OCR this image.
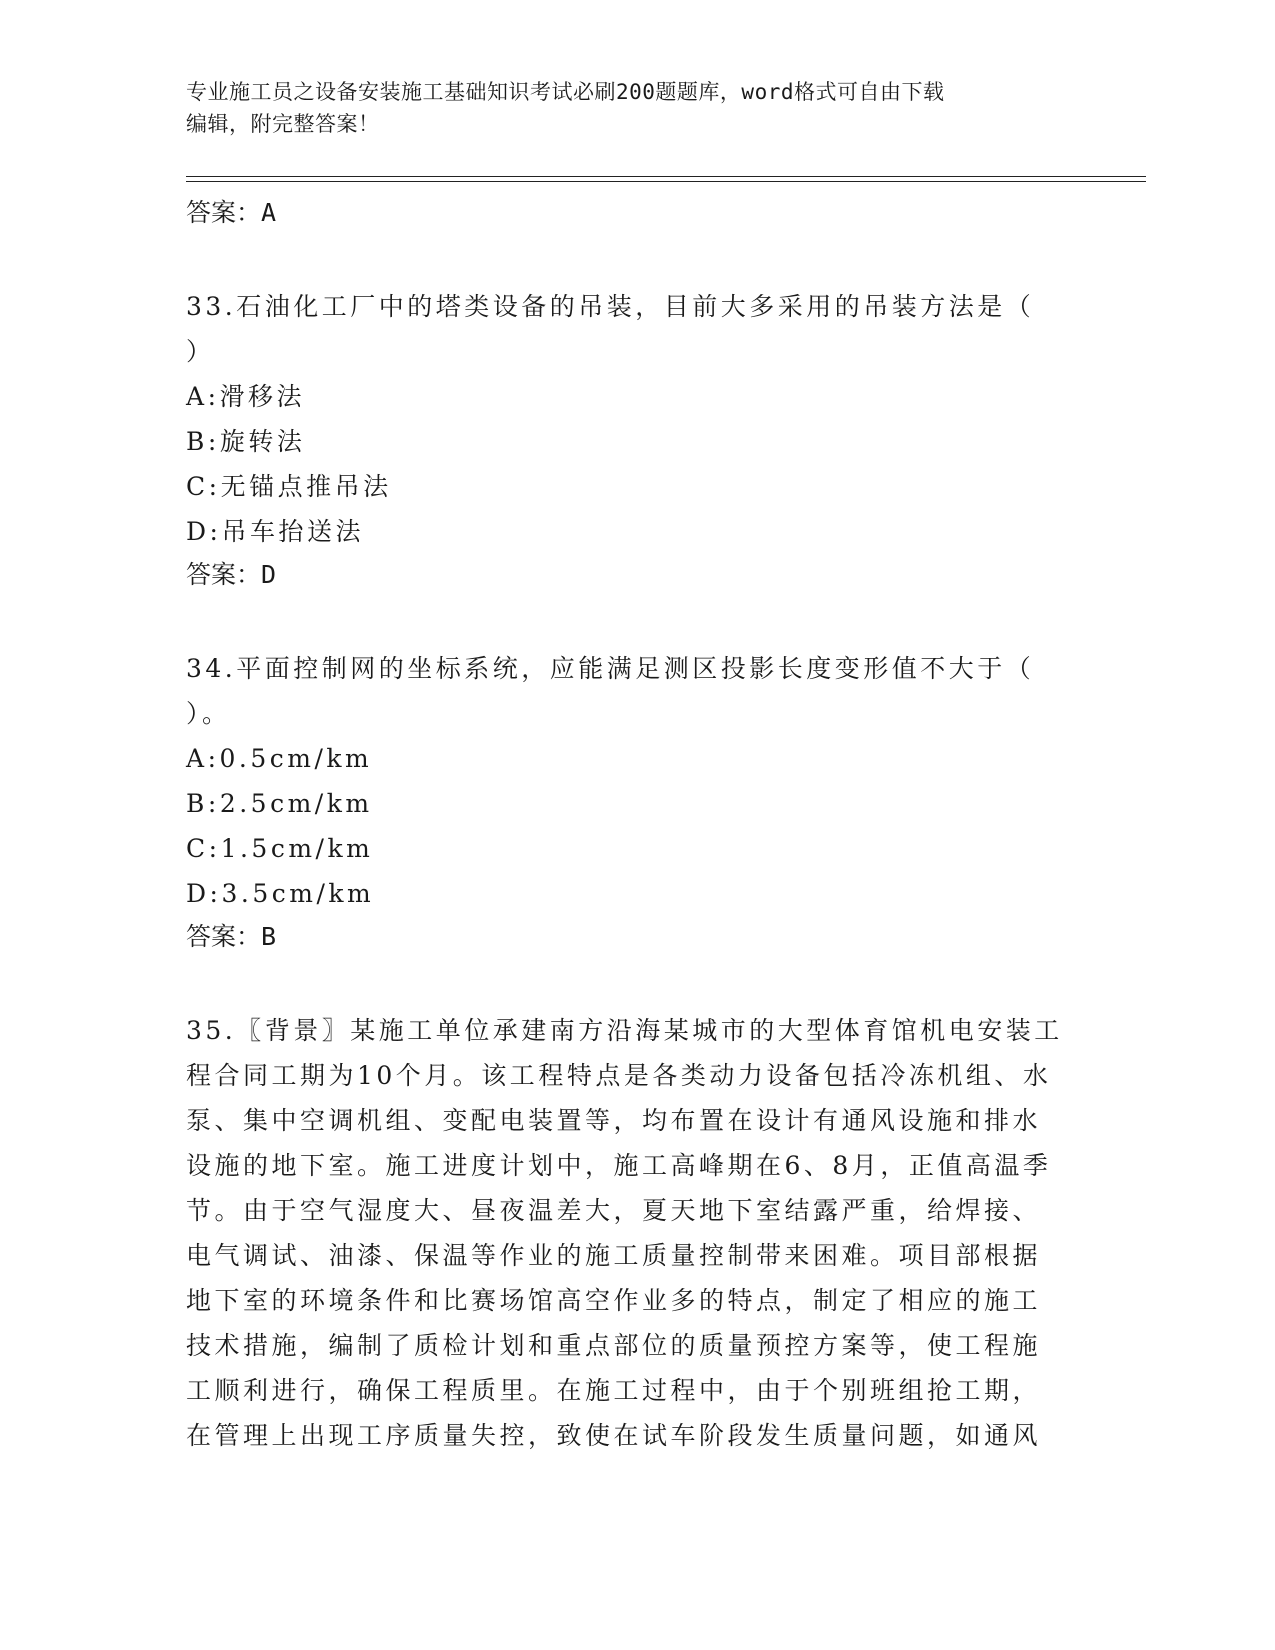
专业施工员之设备安装施工基础知识考试必刷200题题库，word格式可自由下载
编辑，附完整答案！
答案：A
33.石油化工厂中的塔类设备的吊装，目前大多采用的吊装方法是（
）
A:滑移法
B:旋转法
C:无锚点推吊法
D:吊车抬送法
答案：D
34.平面控制网的坐标系统，应能满足测区投影长度变形值不大于（
）。
A:0.5cm/km
B:2.5cm/km
C:1.5cm/km
D:3.5cm/km
答案：B
35.〖背景〗某施工单位承建南方沿海某城市的大型体育馆机电安装工
程合同工期为10个月。该工程特点是各类动力设备包括冷冻机组、水
泵、集中空调机组、变配电装置等，均布置在设计有通风设施和排水
设施的地下室。施工进度计划中，施工高峰期在6、8月，正值高温季
节。由于空气湿度大、昼夜温差大，夏天地下室结露严重，给焊接、
电气调试、油漆、保温等作业的施工质量控制带来困难。项目部根据
地下室的环境条件和比赛场馆高空作业多的特点，制定了相应的施工
技术措施，编制了质检计划和重点部位的质量预控方案等，使工程施
工顺利进行，确保工程质里。在施工过程中，由于个别班组抢工期，
在管理上出现工序质量失控，致使在试车阶段发生质量问题，如通风
